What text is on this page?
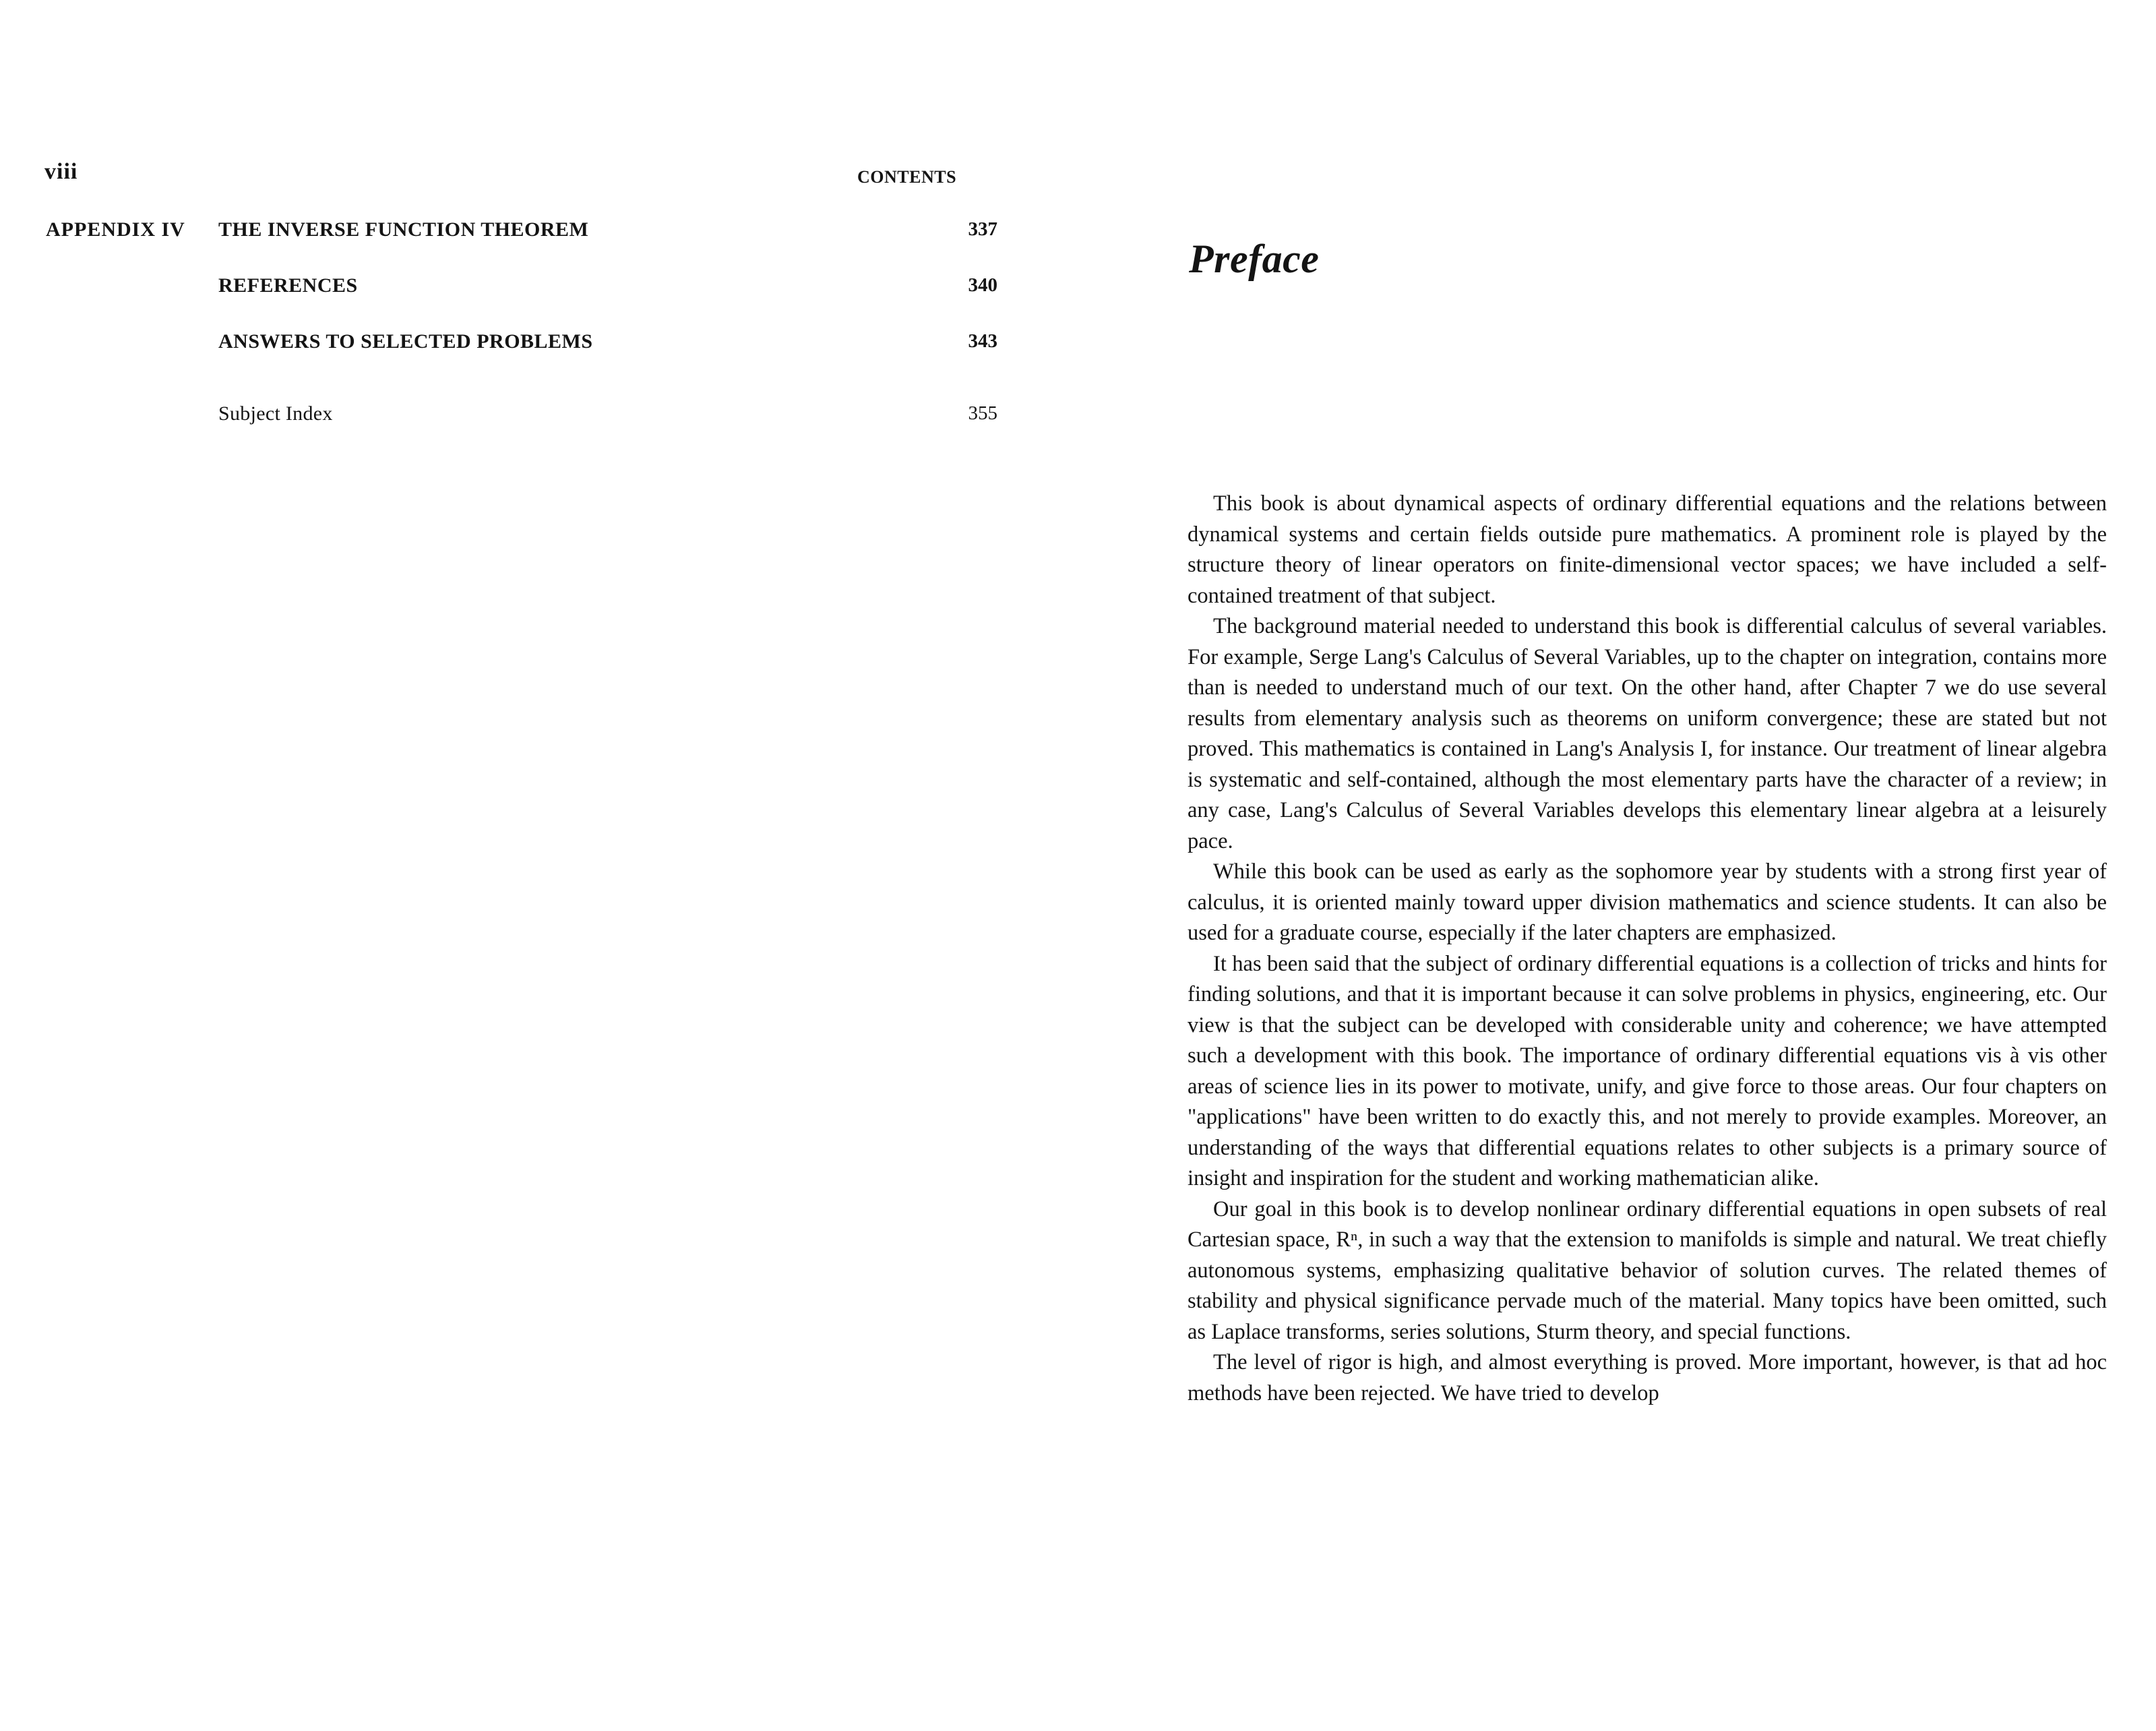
viii	CONTENTS
APPENDIX IV THE INVERSE FUNCTION THEOREM	337
REFERENCES	340
ANSWERS TO SELECTED PROBLEMS	343
Subject Index	355
Preface

This book is about dynamical aspects of ordinary differential equations and the relations between dynamical systems and certain fields outside pure mathematics. A prominent role is played by the structure theory of linear operators on finite-dimensional vector spaces; we have included a self-contained treatment of that subject.

The background material needed to understand this book is differential calculus of several variables. For example, Serge Lang's Calculus of Several Variables, up to the chapter on integration, contains more than is needed to understand much of our text. On the other hand, after Chapter 7 we do use several results from elementary analysis such as theorems on uniform convergence; these are stated but not proved. This mathematics is contained in Lang's Analysis I, for instance. Our treatment of linear algebra is systematic and self-contained, although the most elementary parts have the character of a review; in any case, Lang's Calculus of Several Variables develops this elementary linear algebra at a leisurely pace.

While this book can be used as early as the sophomore year by students with a strong first year of calculus, it is oriented mainly toward upper division mathematics and science students. It can also be used for a graduate course, especially if the later chapters are emphasized.

It has been said that the subject of ordinary differential equations is a collection of tricks and hints for finding solutions, and that it is important because it can solve problems in physics, engineering, etc. Our view is that the subject can be developed with considerable unity and coherence; we have attempted such a development with this book. The importance of ordinary differential equations vis à vis other areas of science lies in its power to motivate, unify, and give force to those areas. Our four chapters on "applications" have been written to do exactly this, and not merely to provide examples. Moreover, an understanding of the ways that differential equations relates to other subjects is a primary source of insight and inspiration for the student and working mathematician alike.

Our goal in this book is to develop nonlinear ordinary differential equations in open subsets of real Cartesian space, Rⁿ, in such a way that the extension to manifolds is simple and natural. We treat chiefly autonomous systems, emphasizing qualitative behavior of solution curves. The related themes of stability and physical significance pervade much of the material. Many topics have been omitted, such as Laplace transforms, series solutions, Sturm theory, and special functions.

The level of rigor is high, and almost everything is proved. More important, however, is that ad hoc methods have been rejected. We have tried to develop
